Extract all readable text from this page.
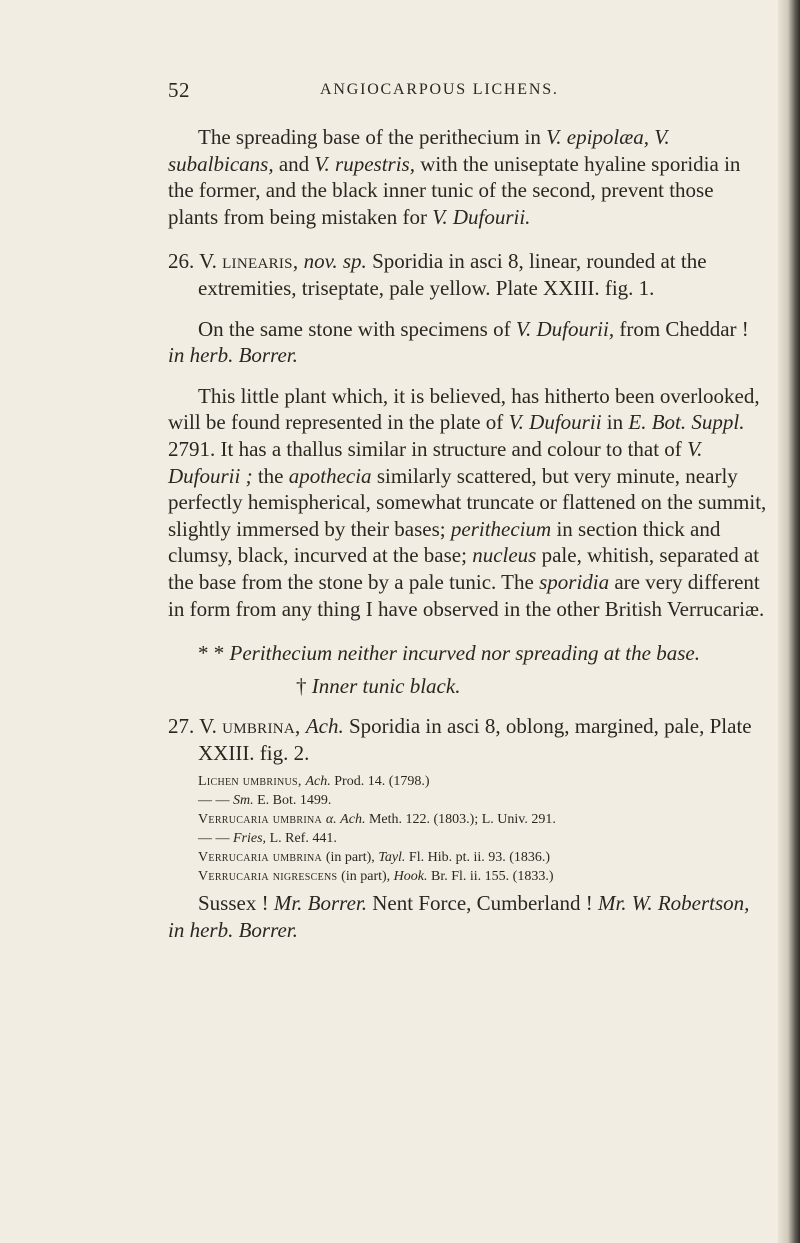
52	ANGIOCARPOUS LICHENS.

The spreading base of the perithecium in V. epipolæa, V. subalbicans, and V. rupestris, with the uniseptate hyaline sporidia in the former, and the black inner tunic of the second, prevent those plants from being mistaken for V. Dufourii.

26. V. linearis, nov. sp. Sporidia in asci 8, linear, rounded at the extremities, triseptate, pale yellow. Plate XXIII. fig. 1.

On the same stone with specimens of V. Dufourii, from Cheddar ! in herb. Borrer.

This little plant which, it is believed, has hitherto been overlooked, will be found represented in the plate of V. Dufourii in E. Bot. Suppl. 2791. It has a thallus similar in structure and colour to that of V. Dufourii ; the apothecia similarly scattered, but very minute, nearly perfectly hemispherical, somewhat truncate or flattened on the summit, slightly immersed by their bases; perithecium in section thick and clumsy, black, incurved at the base; nucleus pale, whitish, separated at the base from the stone by a pale tunic. The sporidia are very different in form from any thing I have observed in the other British Verrucariæ.

* * Perithecium neither incurved nor spreading at the base.

† Inner tunic black.

27. V. umbrina, Ach. Sporidia in asci 8, oblong, margined, pale, Plate XXIII. fig. 2.

Lichen umbrinus, Ach. Prod. 14. (1798.)
— — Sm. E. Bot. 1499.
Verrucaria umbrina α. Ach. Meth. 122. (1803.); L. Univ. 291.
— — Fries, L. Ref. 441.
Verrucaria umbrina (in part), Tayl. Fl. Hib. pt. ii. 93. (1836.)
Verrucaria nigrescens (in part), Hook. Br. Fl. ii. 155. (1833.)

Sussex ! Mr. Borrer. Nent Force, Cumberland ! Mr. W. Robertson, in herb. Borrer.
